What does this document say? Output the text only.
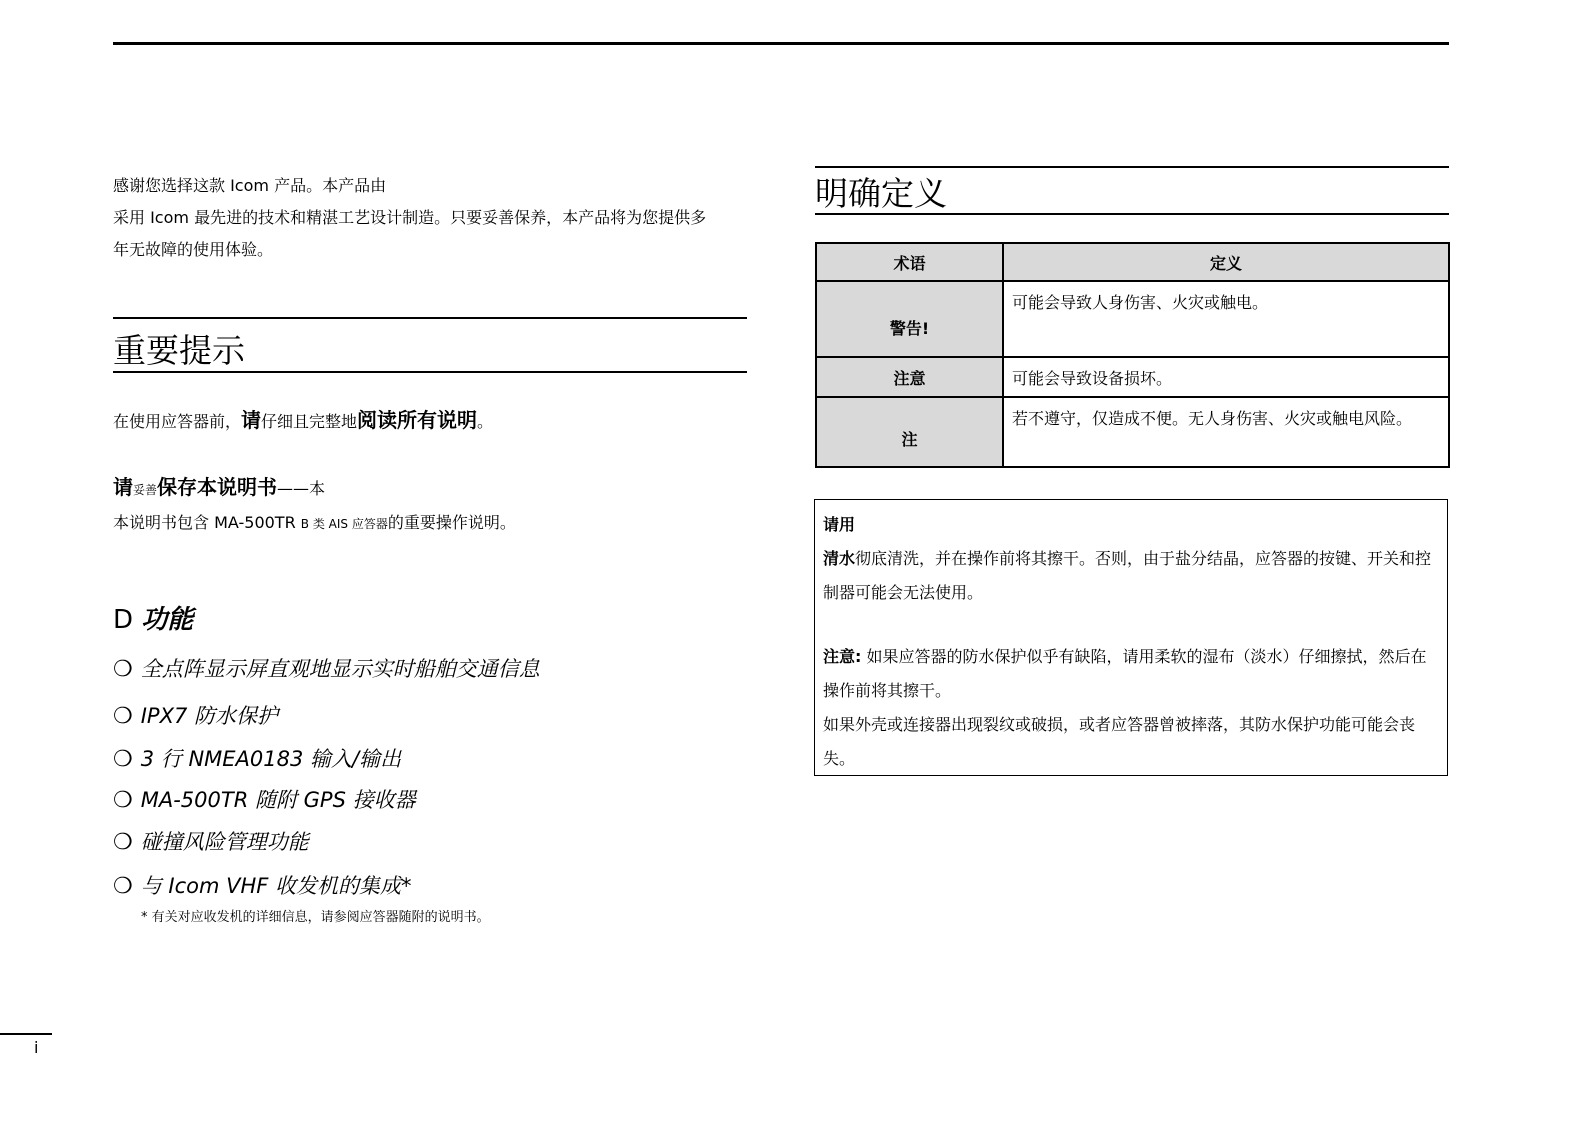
感谢您选择这款 Icom 产品。本产品由
采用 Icom 最先进的技术和精湛工艺设计制造。只要妥善保养，本产品将为您提供多
年无故障的使用体验。
重要提示
在使用应答器前，请仔细且完整地阅读所有说明。
请妥善保存本说明书——本
本说明书包含 MA-500TR B 类 AIS 应答器的重要操作说明。
D 功能
❍ 全点阵显示屏直观地显示实时船舶交通信息
❍ IPX7 防水保护
❍ 3 行 NMEA0183 输入/输出
❍ MA-500TR 随附 GPS 接收器
❍ 碰撞风险管理功能
❍ 与 Icom VHF 收发机的集成*
* 有关对应收发机的详细信息，请参阅应答器随附的说明书。
i
明确定义
术语	定义
警告!	可能会导致人身伤害、火灾或触电。
注意	可能会导致设备损坏。
注	若不遵守，仅造成不便。无人身伤害、火灾或触电风险。

请用

清水彻底清洗，并在操作前将其擦干。否则，由于盐分结晶，应答器的按键、开关和控制器可能会无法使用。

注意: 如果应答器的防水保护似乎有缺陷，请用柔软的湿布（淡水）仔细擦拭，然后在操作前将其擦干。

如果外壳或连接器出现裂纹或破损，或者应答器曾被摔落，其防水保护功能可能会丧失。
